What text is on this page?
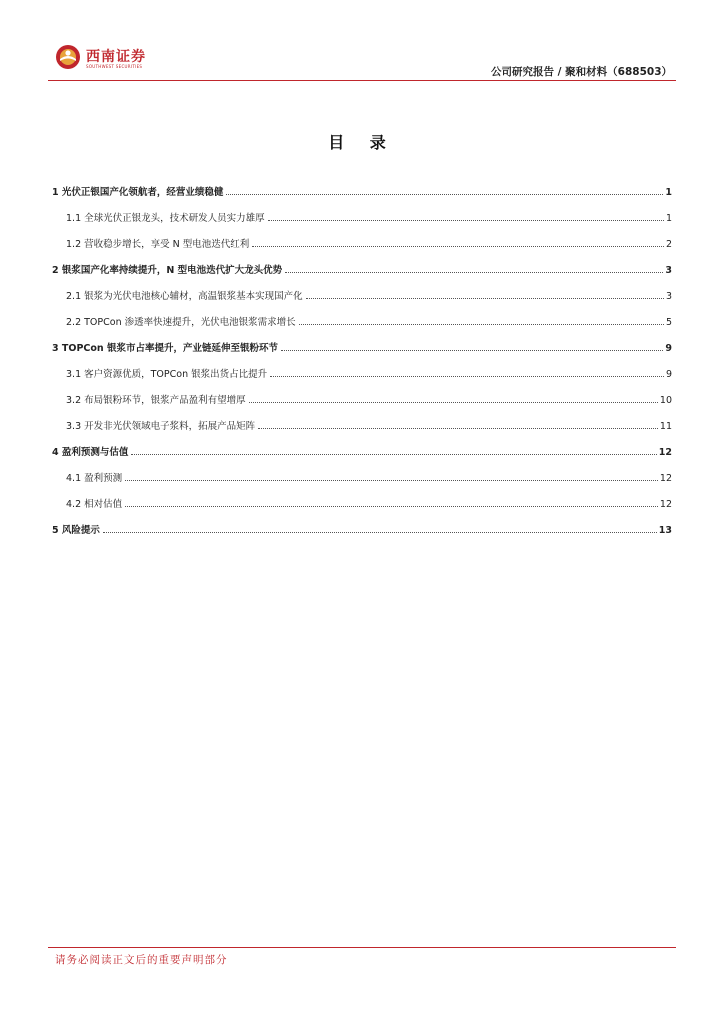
西南证券
SOUTHWEST SECURITIES	公司研究报告 / 聚和材料（688503）
目 录
1 光伏正银国产化领航者，经营业绩稳健	1
1.1 全球光伏正银龙头，技术研发人员实力雄厚	1
1.2 营收稳步增长，享受 N 型电池迭代红利	2
2 银浆国产化率持续提升，N 型电池迭代扩大龙头优势	3
2.1 银浆为光伏电池核心辅材，高温银浆基本实现国产化	3
2.2 TOPCon 渗透率快速提升，光伏电池银浆需求增长	5
3 TOPCon 银浆市占率提升，产业链延伸至银粉环节	9
3.1 客户资源优质，TOPCon 银浆出货占比提升	9
3.2 布局银粉环节，银浆产品盈利有望增厚	10
3.3 开发非光伏领域电子浆料，拓展产品矩阵	11
4 盈利预测与估值	12
4.1 盈利预测	12
4.2 相对估值	12
5 风险提示	13
请务必阅读正文后的重要声明部分
